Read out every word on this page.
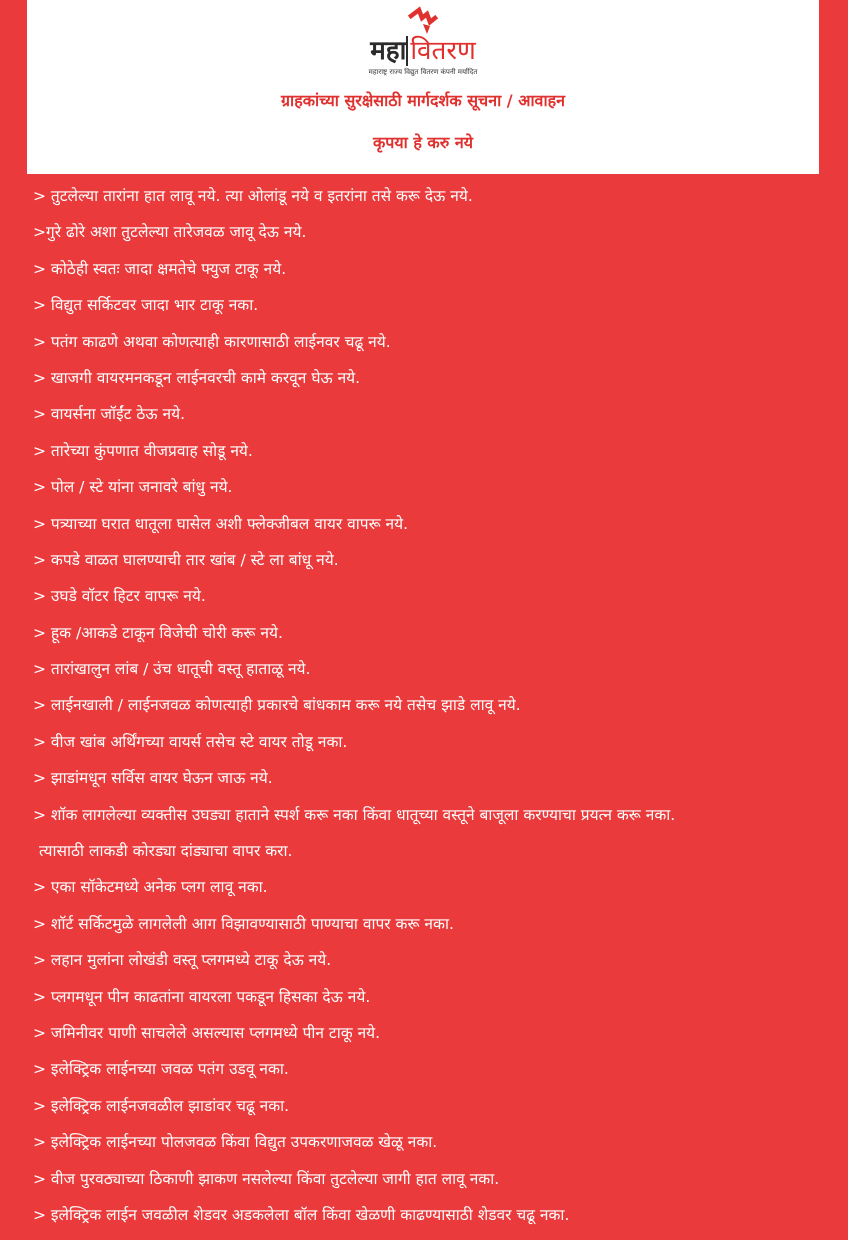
महा वितरण
महाराष्ट्र राज्य विद्युत वितरण कंपनी मर्यादित
ग्राहकांच्या सुरक्षेसाठी मार्गदर्शक सूचना / आवाहन
कृपया हे करु नये
> तुटलेल्या तारांना हात लावू नये. त्या ओलांडू नये व इतरांना तसे करू देऊ नये.
>गुरे ढोरे अशा तुटलेल्या तारेजवळ जावू देऊ नये.
> कोठेही स्वतः जादा क्षमतेचे फ्युज टाकू नये.
> विद्युत सर्किटवर जादा भार टाकू नका.
> पतंग काढणे अथवा कोणत्याही कारणासाठी लाईनवर चढू नये.
> खाजगी वायरमनकडून लाईनवरची कामे करवून घेऊ नये.
> वायर्सना जॉईंट ठेऊ नये.
> तारेच्या कुंपणात वीजप्रवाह सोडू नये.
> पोल / स्टे यांना जनावरे बांधु नये.
> पत्र्याच्या घरात धातूला घासेल अशी फ्लेक्जीबल वायर वापरू नये.
> कपडे वाळत घालण्याची तार खांब / स्टे ला बांधू नये.
> उघडे वॉटर हिटर वापरू नये.
> हूक /आकडे टाकून विजेची चोरी करू नये.
> तारांखालुन लांब / उंच धातूची वस्तू हाताळू नये.
> लाईनखाली / लाईनजवळ कोणत्याही प्रकारचे बांधकाम करू नये तसेच झाडे लावू नये.
> वीज खांब अर्थिंगच्या वायर्स तसेच स्टे वायर तोडू नका.
> झाडांमधून सर्विस वायर घेऊन जाऊ नये.
> शॉक लागलेल्या व्यक्तीस उघड्या हाताने स्पर्श करू नका किंवा धातूच्या वस्तूने बाजूला करण्याचा प्रयत्न करू नका.
त्यासाठी लाकडी कोरड्या दांड्याचा वापर करा.
> एका सॉकेटमध्ये अनेक प्लग लावू नका.
> शॉर्ट सर्किटमुळे लागलेली आग विझावण्यासाठी पाण्याचा वापर करू नका.
> लहान मुलांना लोखंडी वस्तू प्लगमध्ये टाकू देऊ नये.
> प्लगमधून पीन काढतांना वायरला पकडून हिसका देऊ नये.
> जमिनीवर पाणी साचलेले असल्यास प्लगमध्ये पीन टाकू नये.
> इलेक्ट्रिक लाईनच्या जवळ पतंग उडवू नका.
> इलेक्ट्रिक लाईनजवळील झाडांवर चढू नका.
> इलेक्ट्रिक लाईनच्या पोलजवळ किंवा विद्युत उपकरणाजवळ खेळू नका.
> वीज पुरवठ्याच्या ठिकाणी झाकण नसलेल्या किंवा तुटलेल्या जागी हात लावू नका.
> इलेक्ट्रिक लाईन जवळील शेडवर अडकलेला बॉल किंवा खेळणी काढण्यासाठी शेडवर चढू नका.
